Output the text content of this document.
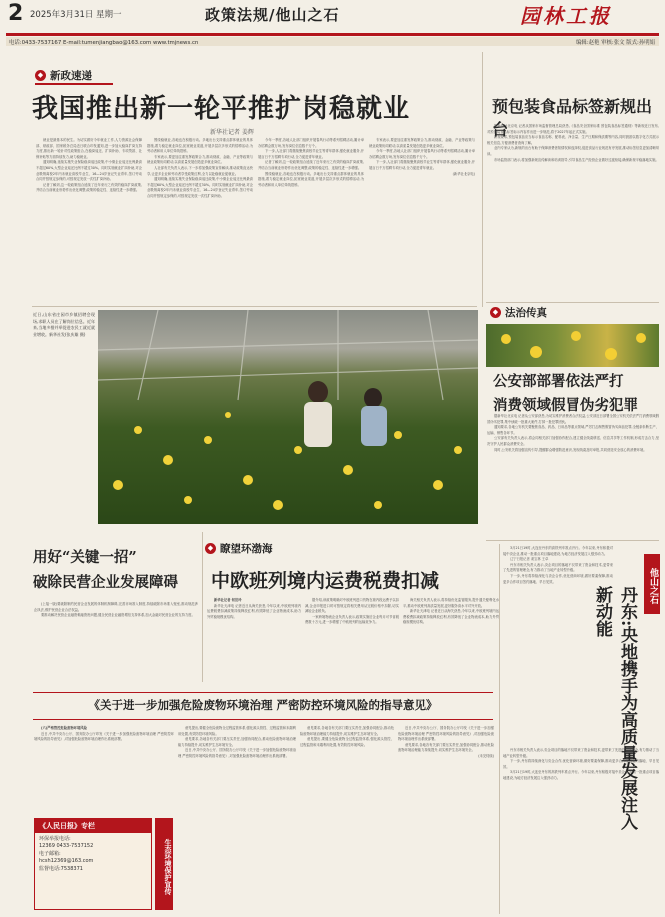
2 2025年3月31日 星期一	政策法规/他山之石	园林工报
电话:0433-7537167 E-mail:tumenjiangbao@163.com www.tmjnews.cn	编辑:赵艳 审核:张文 版式:孙明娟
◆ 新政速递
我国推出新一轮平推扩岗稳就业
新华社记者 姜辉

就业是最基本的民生。为切实做好今年就业工作,人力资源社会保障部、财政部、国家税务总局近日联合印发通知,进一步加大稳岗扩岗支持力度,推出新一轮针对性政策组合,在稳岗返还、扩岗补助、专项贷款、社保补贴等方面持续发力,助力稳就业。

通知明确,延续实施失业保险稳岗返还政策,中小微企业返还比例最高不超过60%,大型企业返还比例不超过30%。同时实施就业扩岗补助,对企业吸纳离校2年内未就业高校毕业生、16—24岁登记失业青年,签订劳动合同并按规定参保的,可按规定发放一次性扩岗补助。

记者了解到,这一轮政策组合延续了近年来行之有效的稳岗扩岗政策,并结合当前就业形势作出优化调整,政策的稳定性、连续性进一步增强。

围绕稳就业,各地也在积极行动。多地出台支持重点群体就业的具体措施,着力稳定就业岗位,拓宽就业渠道,开展多层次多形式的招聘活动,为劳动者和用人单位牵线搭桥。

专家表示,要更加注重发挥政策合力,推动财政、金融、产业等政策与就业政策协同联动,以高质量发展创造更多就业岗位。

人社部有关负责人表示,下一步将加强政策宣传解读,推动政策直达快享,让更多企业和劳动者享受政策红利,全力以赴稳就业促就业。

通知明确,延续实施失业保险稳岗返还政策,中小微企业返还比例最高不超过60%,大型企业返还比例不超过30%。同时实施就业扩岗补助,对企业吸纳离校2年内未就业高校毕业生、16—24岁登记失业青年,签订劳动合同并按规定参保的,可按规定发放一次性扩岗补助。

今年一季度,各地人社部门组织开展春风行动等系列招聘活动,累计举办招聘会数万场,发布岗位信息数千万个。

下一步,人社部门将继续聚焦高校毕业生等青年群体,强化就业服务,开展百日千万招聘专项行动,全力促进青年就业。

记者了解到,这一轮政策组合延续了近年来行之有效的稳岗扩岗政策,并结合当前就业形势作出优化调整,政策的稳定性、连续性进一步增强。

围绕稳就业,各地也在积极行动。多地出台支持重点群体就业的具体措施,着力稳定就业岗位,拓宽就业渠道,开展多层次多形式的招聘活动,为劳动者和用人单位牵线搭桥。

专家表示,要更加注重发挥政策合力,推动财政、金融、产业等政策与就业政策协同联动,以高质量发展创造更多就业岗位。

今年一季度,各地人社部门组织开展春风行动等系列招聘活动,累计举办招聘会数万场,发布岗位信息数千万个。

下一步,人社部门将继续聚焦高校毕业生等青年群体,强化就业服务,开展百日千万招聘专项行动,全力促进青年就业。

(新华社北京电)

近日,山东省庄园市乡镇招聘会现场,求职人员在了解岗位信息。近年来,当地多措并举促进农民工就近就业增收。新华社发(张庆雄 摄)
用好“关键一招”
破除民营企业发展障碍

(上接一版)要破除制约民营企业发展的体制机制障碍,完善市场准入制度,持续破除市场准入壁垒,推动规范涉企执法,维护民营企业合法权益。

要推动解决民营企业融资难融资贵问题,健全民营企业融资增信支持体系,加大金融对民营企业的支持力度。

◆ 瞭望环渤海
中欧班列境内运费税费扣减

新华社记者 何世玲

新华社天津电 记者近日从海关获悉,今年以来,中欧班列境内运费税费扣减政策持续释放红利,有效降低了企业物流成本,助力外贸稳规模优结构。

据介绍,该政策明确对中欧班列进口货物在境内段运费予以扣减,企业申报进口时可按规定将相关费用从完税价格中扣除,切实减轻企业税负。

一家跨境物流企业负责人表示,政策实施后企业每月可节省税费数十万元,进一步增强了中欧班列的运输竞争力。

海关相关负责人表示,将持续优化监管服务,提升通关便利化水平,推动中欧班列高质量发展,更好服务高水平对外开放。

新华社天津电 记者近日从海关获悉,今年以来,中欧班列境内运费税费扣减政策持续释放红利,有效降低了企业物流成本,助力外贸稳规模优结构。

预包装食品标签新规出台

据新华社北京电 记者从国家市场监督管理总局获悉,《食品安全国家标准 预包装食品标签通则》等新规近日发布,对预包装食品标签标示内容作出进一步规范,将于2027年起正式实施。

新规要求,预包装食品应当标示食品名称、配料表、净含量、生产日期和保质期等内容,同时鼓励以数字化方式展示相关信息,方便消费者查询了解。

业内专家认为,新规的出台有助于保障消费者知情权和选择权,促进食品行业规范有序发展,推动标签信息更加清晰易读。

市场监管部门表示,将加强新规宣传解读和培训指导,引导食品生产经营企业做好过渡衔接,确保新规平稳落地实施。

◆ 法治传真
公安部部署依法严打
消费领域假冒伪劣犯罪

据新华社北京电 记者从公安部获悉,为切实维护消费者合法权益,公安部近日部署全国公安机关依法严打消费领域假冒伪劣犯罪,集中侦破一批重大案件,打掉一批犯罪团伙。

通知要求,各地公安机关要聚焦食品、药品、日用品等重点领域,严厉打击制售假冒伪劣商品犯罪,全链条斩断生产、运输、销售各环节。

公安部有关负责人表示,将会同相关部门加强协作配合,建立健全线索移送、信息共享等工作机制,形成打击合力,坚决守护人民群众消费安全。

同时,公安机关将加强宣传引导,提醒群众增强防范意识,发现线索及时举报,共同营造安全放心的消费环境。

3月21日19时,大连至丹东的高铁列车准点开行。今年以来,丹东积极对接中央企业,推动一批重点项目落地建设,为地方经济发展注入强劲动力。

辽宁日报记者 姜宝林 王卓

丹东市相关负责人表示,央企项目的落地不仅带来了资金和技术,更带来了先进的管理理念,有力推动了当地产业转型升级。

下一步,丹东将持续深化与央企合作,优化营商环境,做好要素保障,推动更多合作项目签约落地、早日见效。

丹东:央地携手为高质量发展注入新动能
他山之石

丹东市相关负责人表示,央企项目的落地不仅带来了资金和技术,更带来了先进的管理理念,有力推动了当地产业转型升级。

下一步,丹东将持续深化与央企合作,优化营商环境,做好要素保障,推动更多合作项目签约落地、早日见效。

3月21日19时,大连至丹东的高铁列车准点开行。今年以来,丹东积极对接中央企业,推动一批重点项目落地建设,为地方经济发展注入强劲动力。

《关于进一步加强危险废物环境治理 严密防控环境风险的指导意见》

(六)严格管控危险废物环境风险

近日,中共中央办公厅、国务院办公厅印发《关于进一步加强危险废物环境治理 严密防控环境风险的指导意见》,对加强危险废物环境治理作出系统部署。

意见提出,要健全危险废物全过程监管体系,强化源头管控、过程监管和末端利用处置,有效防控环境风险。

意见要求,各地各有关部门要压实责任,加强协同配合,推动危险废物环境治理能力持续提升,切实维护生态环境安全。

近日,中共中央办公厅、国务院办公厅印发《关于进一步加强危险废物环境治理 严密防控环境风险的指导意见》,对加强危险废物环境治理作出系统部署。

意见要求,各地各有关部门要压实责任,加强协同配合,推动危险废物环境治理能力持续提升,切实维护生态环境安全。

意见提出,要健全危险废物全过程监管体系,强化源头管控、过程监管和末端利用处置,有效防控环境风险。

近日,中共中央办公厅、国务院办公厅印发《关于进一步加强危险废物环境治理 严密防控环境风险的指导意见》,对加强危险废物环境治理作出系统部署。

意见要求,各地各有关部门要压实责任,加强协同配合,推动危险废物环境治理能力持续提升,切实维护生态环境安全。

(未完待续)

《人民日报》专栏
环保举报电话:
12369 0433-7537152
电子邮箱:
hcsh12369@163.com
监督电话:7538371	生态环境保护宣传
